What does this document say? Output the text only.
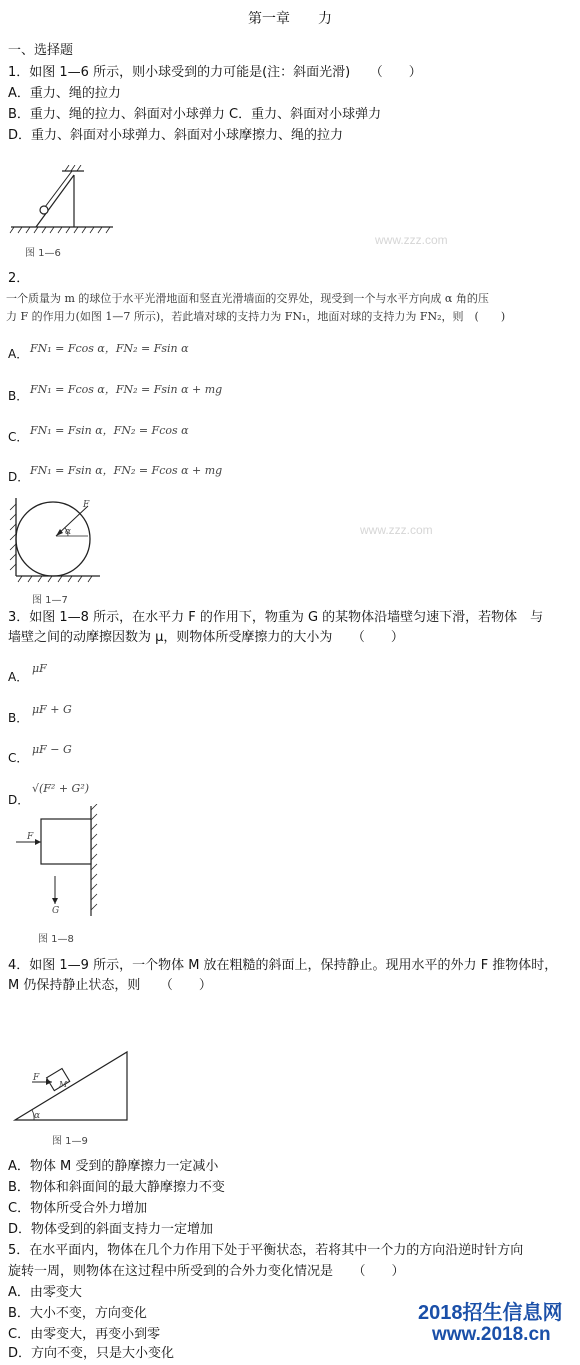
第一章　　力
一、选择题
1．如图 1—6 所示，则小球受到的力可能是(注：斜面光滑)　　（　　）
A．重力、绳的拉力
B．重力、绳的拉力、斜面对小球弹力 C．重力、斜面对小球弹力
D．重力、斜面对小球弹力、斜面对小球摩擦力、绳的拉力
图 1—6
2．
一个质量为 m 的球位于水平光滑地面和竖直光滑墙面的交界处，现受到一个与水平方向成 α 角的压
力 F 的作用力(如图 1—7 所示)，若此墙对球的支持力为 FN₁，地面对球的支持力为 FN₂，则　(　　)
A． FN₁ = Fcos α，FN₂ = Fsin α
B． FN₁ = Fcos α，FN₂ = Fsin α + mg
C． FN₁ = Fsin α，FN₂ = Fcos α
D． FN₁ = Fsin α，FN₂ = Fcos α + mg
F
α
图 1—7
3．如图 1—8 所示，在水平力 F 的作用下，物重为 G 的某物体沿墙壁匀速下滑，若物体　与
墙壁之间的动摩擦因数为 μ，则物体所受摩擦力的大小为　　（　　）
A．
μF
B．
μF + G
C．
μF − G
D．
√(F² + G²)
F
G
图 1—8
4．如图 1—9 所示，一个物体 M 放在粗糙的斜面上，保持静止。现用水平的外力 F 推物体时，
M 仍保持静止状态，则　　（　　）
F
M
α
图 1—9
A．物体 M 受到的静摩擦力一定减小
B．物体和斜面间的最大静摩擦力不变
C．物体所受合外力增加
D．物体受到的斜面支持力一定增加
5．在水平面内，物体在几个力作用下处于平衡状态，若将其中一个力的方向沿逆时针方向
旋转一周，则物体在这过程中所受到的合外力变化情况是　　（　　）
A．由零变大
B．大小不变，方向变化
C．由零变大，再变小到零
D．方向不变，只是大小变化
www.zzz.com
www.zzz.com
2018招生信息网
www.2018.cn
